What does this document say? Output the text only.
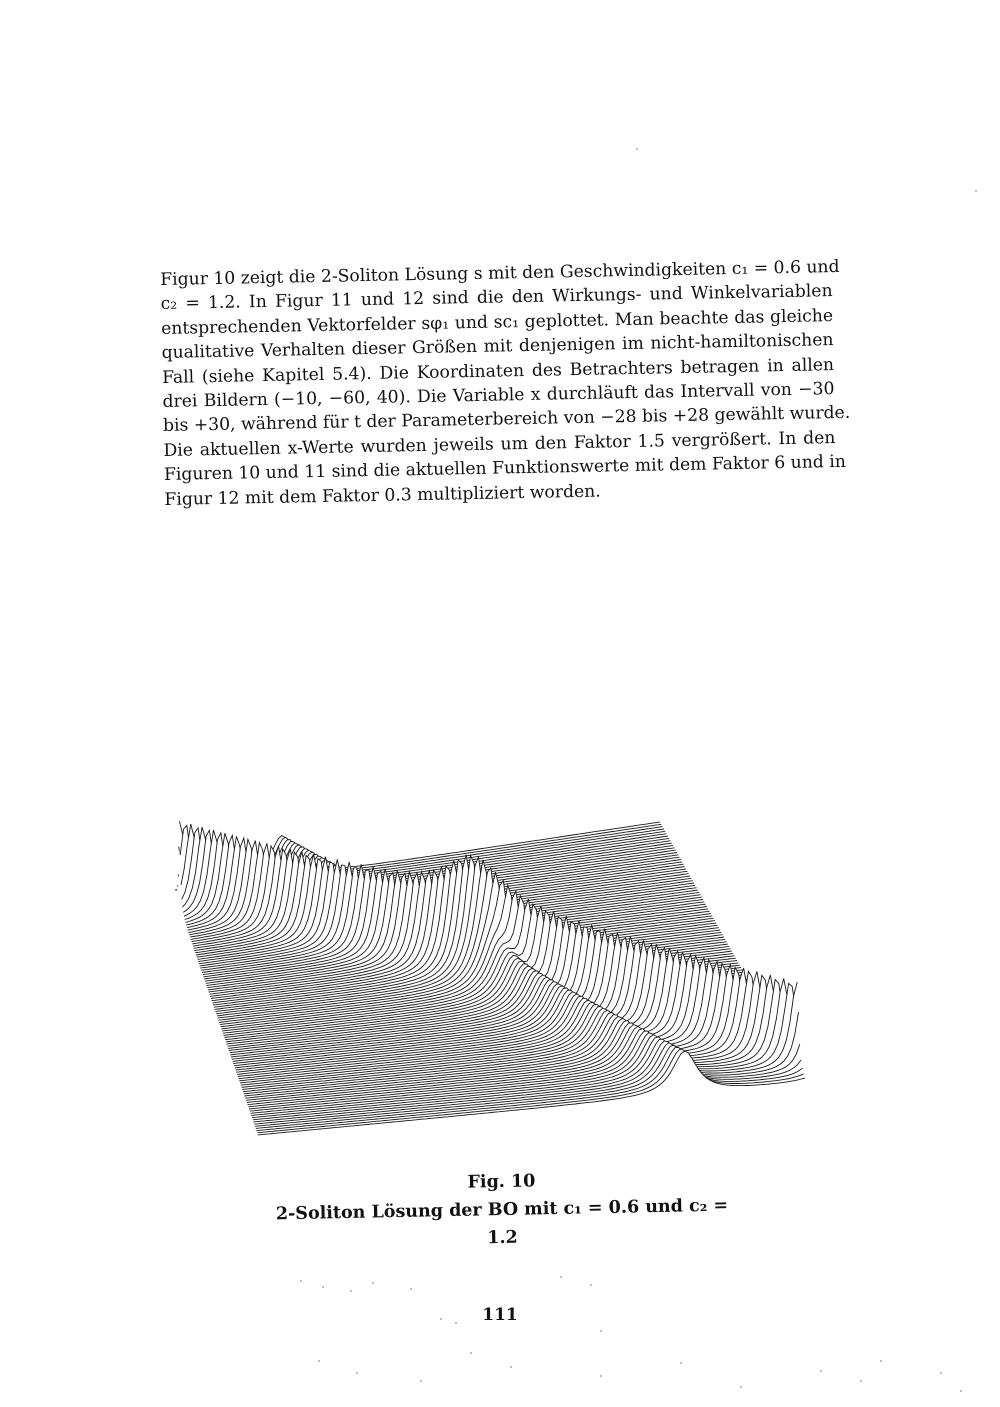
Figur 10 zeigt die 2-Soliton Lösung s mit den Geschwindigkeiten c₁ = 0.6 und
c₂ = 1.2. In Figur 11 und 12 sind die den Wirkungs- und Winkelvariablen
entsprechenden Vektorfelder sφ₁ und sc₁ geplottet. Man beachte das gleiche
qualitative Verhalten dieser Größen mit denjenigen im nicht-hamiltonischen
Fall (siehe Kapitel 5.4). Die Koordinaten des Betrachters betragen in allen
drei Bildern (−10, −60, 40). Die Variable x durchläuft das Intervall von −30
bis +30, während für t der Parameterbereich von −28 bis +28 gewählt wurde.
Die aktuellen x-Werte wurden jeweils um den Faktor 1.5 vergrößert. In den
Figuren 10 und 11 sind die aktuellen Funktionswerte mit dem Faktor 6 und in
Figur 12 mit dem Faktor 0.3 multipliziert worden.
Fig. 10
2-Soliton Lösung der BO mit c₁ = 0.6 und c₂ = 1.2
111
